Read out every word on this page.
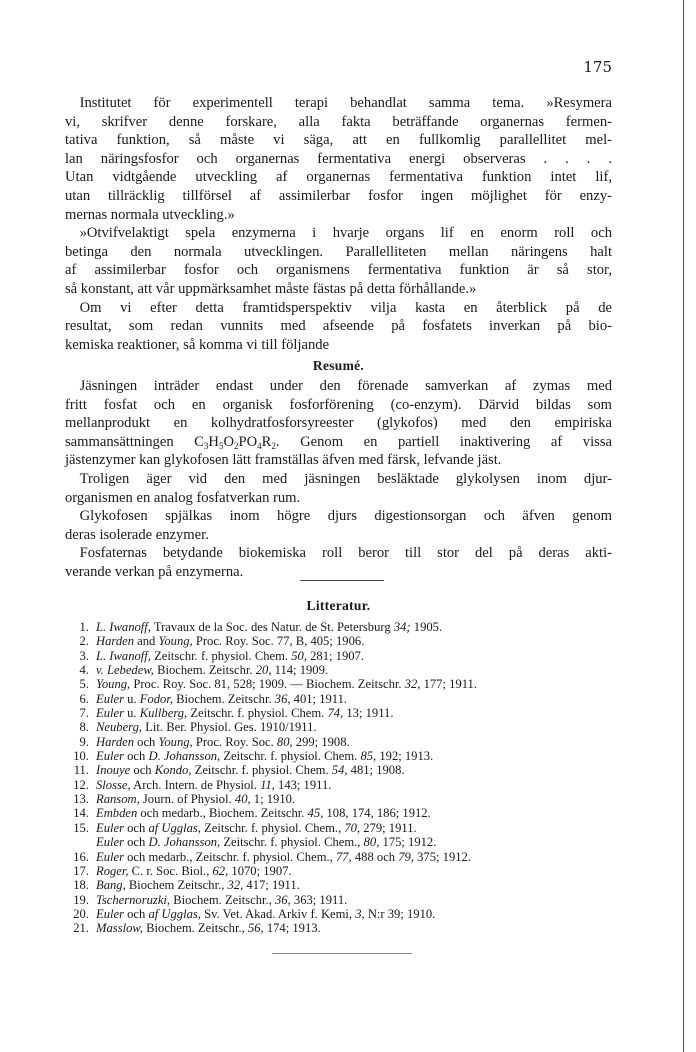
175
 Institutet för experimentell terapi behandlat samma tema. »Resymera
vi, skrifver denne forskare, alla fakta beträffande organernas fermen-
tativa funktion, så måste vi säga, att en fullkomlig parallellitet mel-
lan näringsfosfor och organernas fermentativa energi observeras . . . .
Utan vidtgående utveckling af organernas fermentativa funktion intet lif,
utan tillräcklig tillförsel af assimilerbar fosfor ingen möjlighet för enzy-
mernas normala utveckling.»
 »Otvifvelaktigt spela enzymerna i hvarje organs lif en enorm roll och
betinga den normala utvecklingen. Parallelliteten mellan näringens halt
af assimilerbar fosfor och organismens fermentativa funktion är så stor,
så konstant, att vår uppmärksamhet måste fästas på detta förhållande.»
 Om vi efter detta framtidsperspektiv vilja kasta en återblick på de
resultat, som redan vunnits med afseende på fosfatets inverkan på bio-
kemiska reaktioner, så komma vi till följande
Resumé.
 Jäsningen inträder endast under den förenade samverkan af zymas med
fritt fosfat och en organisk fosforförening (co-enzym). Därvid bildas som
mellanprodukt en kolhydratfosforsyreester (glykofos) med den empiriska
sammansättningen $C_3H_5O_2PO_4R_2$. Genom en partiell inaktivering af vissa
jästenzymer kan glykofosen lätt framställas äfven med färsk, lefvande jäst.
 Troligen äger vid den med jäsningen besläktade glykolysen inom djur-
organismen en analog fosfatverkan rum.
 Glykofosen spjälkas inom högre djurs digestionsorgan och äfven genom
deras isolerade enzymer.
 Fosfaternas betydande biokemiska roll beror till stor del på deras akti-
verande verkan på enzymerna.
Litteratur.
1. L. Iwanoff, Travaux de la Soc. des Natur. de St. Petersburg 34; 1905.
2. Harden and Young, Proc. Roy. Soc. 77, B, 405; 1906.
3. L. Iwanoff, Zeitschr. f. physiol. Chem. 50, 281; 1907.
4. v. Lebedew, Biochem. Zeitschr. 20, 114; 1909.
5. Young, Proc. Roy. Soc. 81, 528; 1909. — Biochem. Zeitschr. 32, 177; 1911.
6. Euler u. Fodor, Biochem. Zeitschr. 36, 401; 1911.
7. Euler u. Kullberg, Zeitschr. f. physiol. Chem. 74, 13; 1911.
8. Neuberg, Lit. Ber. Physiol. Ges. 1910/1911.
9. Harden och Young, Proc. Roy. Soc. 80, 299; 1908.
10. Euler och D. Johansson, Zeitschr. f. physiol. Chem. 85, 192; 1913.
11. Inouye och Kondo, Zeitschr. f. physiol. Chem. 54, 481; 1908.
12. Slosse, Arch. Intern. de Physiol. 11, 143; 1911.
13. Ransom, Journ. of Physiol. 40, 1; 1910.
14. Embden och medarb., Biochem. Zeitschr. 45, 108, 174, 186; 1912.
15. Euler och af Ugglas, Zeitschr. f. physiol. Chem., 70, 279; 1911.
Euler och D. Johansson, Zeitschr. f. physiol. Chem., 80, 175; 1912.
16. Euler och medarb., Zeitschr. f. physiol. Chem., 77, 488 och 79, 375; 1912.
17. Roger, C. r. Soc. Biol., 62, 1070; 1907.
18. Bang, Biochem Zeitschr., 32, 417; 1911.
19. Tschernoruzki, Biochem. Zeitschr., 36, 363; 1911.
20. Euler och af Ugglas, Sv. Vet. Akad. Arkiv f. Kemi, 3, N:r 39; 1910.
21. Masslow, Biochem. Zeitschr., 56, 174; 1913.
